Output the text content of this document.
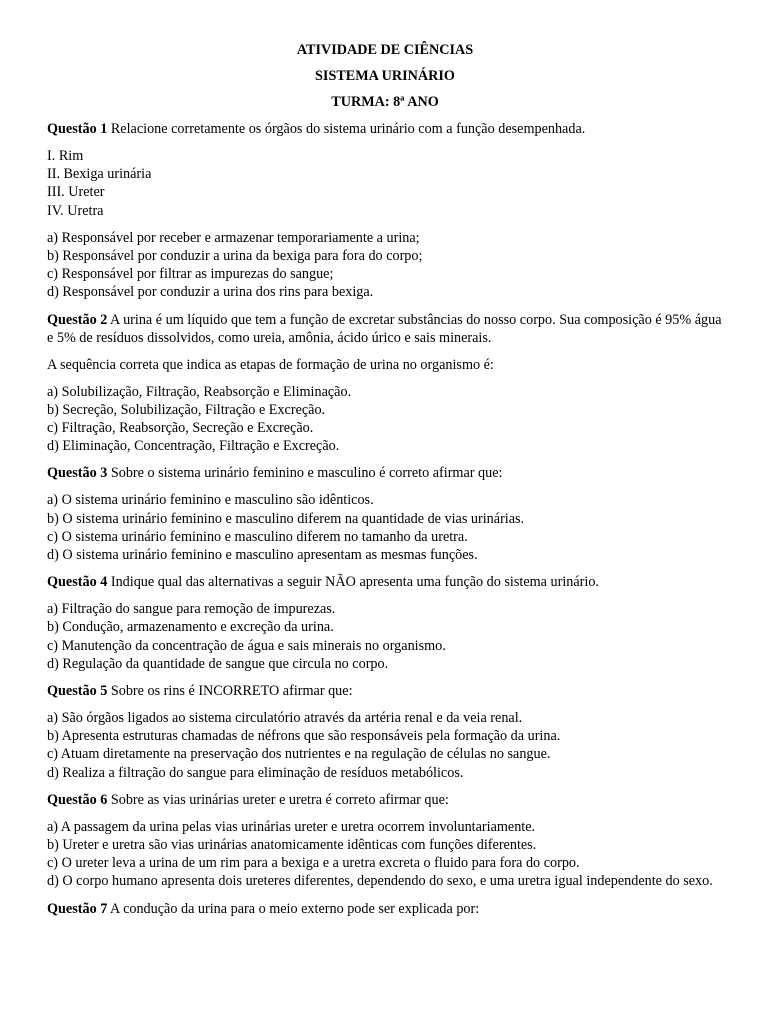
ATIVIDADE DE CIÊNCIAS
SISTEMA URINÁRIO
TURMA: 8ª ANO
Questão 1 Relacione corretamente os órgãos do sistema urinário com a função desempenhada.
I. Rim
II. Bexiga urinária
III. Ureter
IV. Uretra
a) Responsável por receber e armazenar temporariamente a urina;
b) Responsável por conduzir a urina da bexiga para fora do corpo;
c) Responsável por filtrar as impurezas do sangue;
d) Responsável por conduzir a urina dos rins para bexiga.
Questão 2 A urina é um líquido que tem a função de excretar substâncias do nosso corpo. Sua composição é 95% água e 5% de resíduos dissolvidos, como ureia, amônia, ácido úrico e sais minerais.
A sequência correta que indica as etapas de formação de urina no organismo é:
a) Solubilização, Filtração, Reabsorção e Eliminação.
b) Secreção, Solubilização, Filtração e Excreção.
c) Filtração, Reabsorção, Secreção e Excreção.
d) Eliminação, Concentração, Filtração e Excreção.
Questão 3 Sobre o sistema urinário feminino e masculino é correto afirmar que:
a) O sistema urinário feminino e masculino são idênticos.
b) O sistema urinário feminino e masculino diferem na quantidade de vias urinárias.
c) O sistema urinário feminino e masculino diferem no tamanho da uretra.
d) O sistema urinário feminino e masculino apresentam as mesmas funções.
Questão 4 Indique qual das alternativas a seguir NÃO apresenta uma função do sistema urinário.
a) Filtração do sangue para remoção de impurezas.
b) Condução, armazenamento e excreção da urina.
c) Manutenção da concentração de água e sais minerais no organismo.
d) Regulação da quantidade de sangue que circula no corpo.
Questão 5 Sobre os rins é INCORRETO afirmar que:
a) São órgãos ligados ao sistema circulatório através da artéria renal e da veia renal.
b) Apresenta estruturas chamadas de néfrons que são responsáveis pela formação da urina.
c) Atuam diretamente na preservação dos nutrientes e na regulação de células no sangue.
d) Realiza a filtração do sangue para eliminação de resíduos metabólicos.
Questão 6 Sobre as vias urinárias ureter e uretra é correto afirmar que:
a) A passagem da urina pelas vias urinárias ureter e uretra ocorrem involuntariamente.
b) Ureter e uretra são vias urinárias anatomicamente idênticas com funções diferentes.
c) O ureter leva a urina de um rim para a bexiga e a uretra excreta o fluido para fora do corpo.
d) O corpo humano apresenta dois ureteres diferentes, dependendo do sexo, e uma uretra igual independente do sexo.
Questão 7 A condução da urina para o meio externo pode ser explicada por:
